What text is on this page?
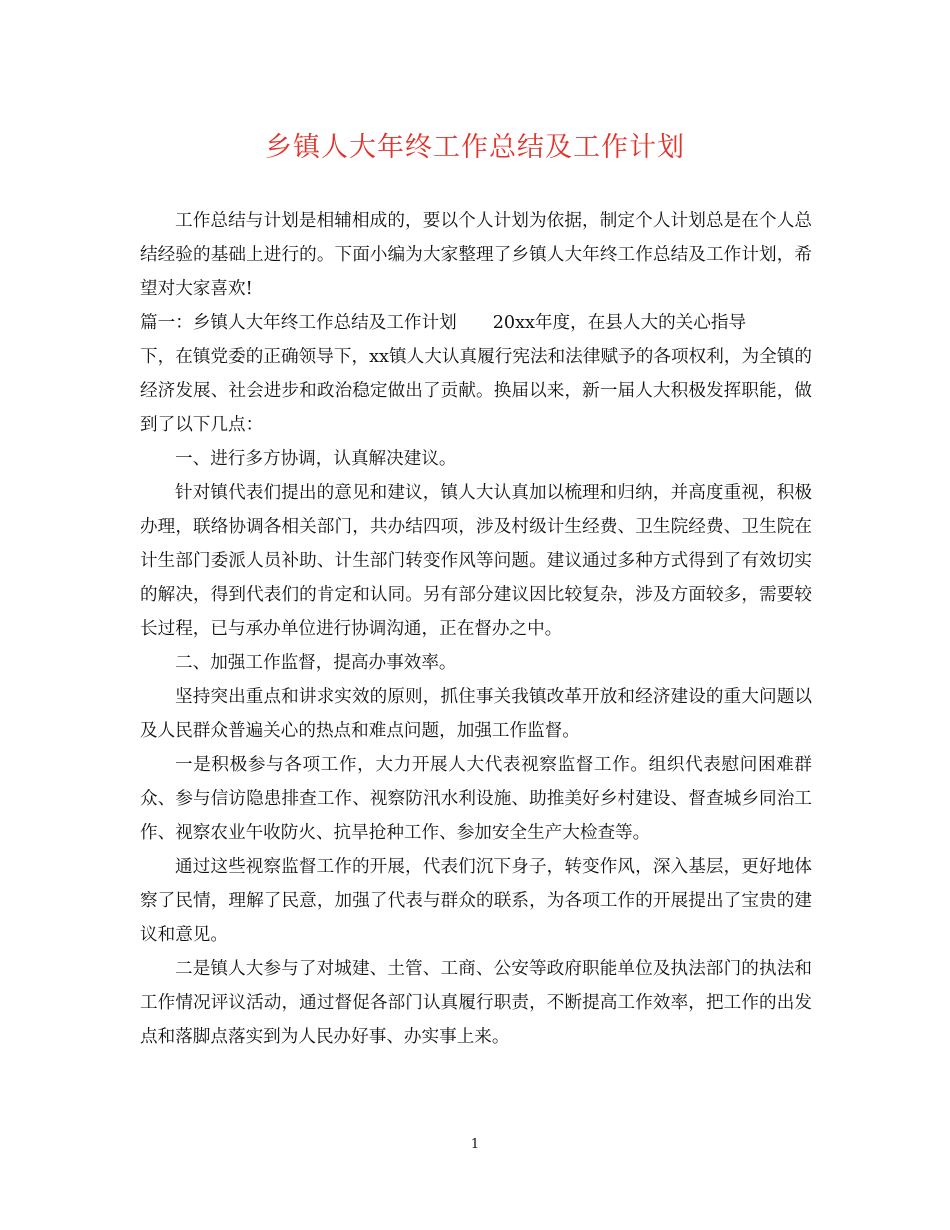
乡镇人大年终工作总结及工作计划

工作总结与计划是相辅相成的，要以个人计划为依据，制定个人计划总是在个人总结经验的基础上进行的。下面小编为大家整理了乡镇人大年终工作总结及工作计划，希望对大家喜欢!

篇一：乡镇人大年终工作总结及工作计划 20xx年度，在县人大的关心指导
下，在镇党委的正确领导下，xx镇人大认真履行宪法和法律赋予的各项权利，为全镇的经济发展、社会进步和政治稳定做出了贡献。换届以来，新一届人大积极发挥职能，做到了以下几点：

一、进行多方协调，认真解决建议。

针对镇代表们提出的意见和建议，镇人大认真加以梳理和归纳，并高度重视，积极办理，联络协调各相关部门，共办结四项，涉及村级计生经费、卫生院经费、卫生院在计生部门委派人员补助、计生部门转变作风等问题。建议通过多种方式得到了有效切实的解决，得到代表们的肯定和认同。另有部分建议因比较复杂，涉及方面较多，需要较长过程，已与承办单位进行协调沟通，正在督办之中。

二、加强工作监督，提高办事效率。

坚持突出重点和讲求实效的原则，抓住事关我镇改革开放和经济建设的重大问题以及人民群众普遍关心的热点和难点问题，加强工作监督。

一是积极参与各项工作，大力开展人大代表视察监督工作。组织代表慰问困难群众、参与信访隐患排查工作、视察防汛水利设施、助推美好乡村建设、督查城乡同治工作、视察农业午收防火、抗旱抢种工作、参加安全生产大检查等。

通过这些视察监督工作的开展，代表们沉下身子，转变作风，深入基层，更好地体察了民情，理解了民意，加强了代表与群众的联系，为各项工作的开展提出了宝贵的建议和意见。

二是镇人大参与了对城建、土管、工商、公安等政府职能单位及执法部门的执法和工作情况评议活动，通过督促各部门认真履行职责，不断提高工作效率，把工作的出发点和落脚点落实到为人民办好事、办实事上来。

1
